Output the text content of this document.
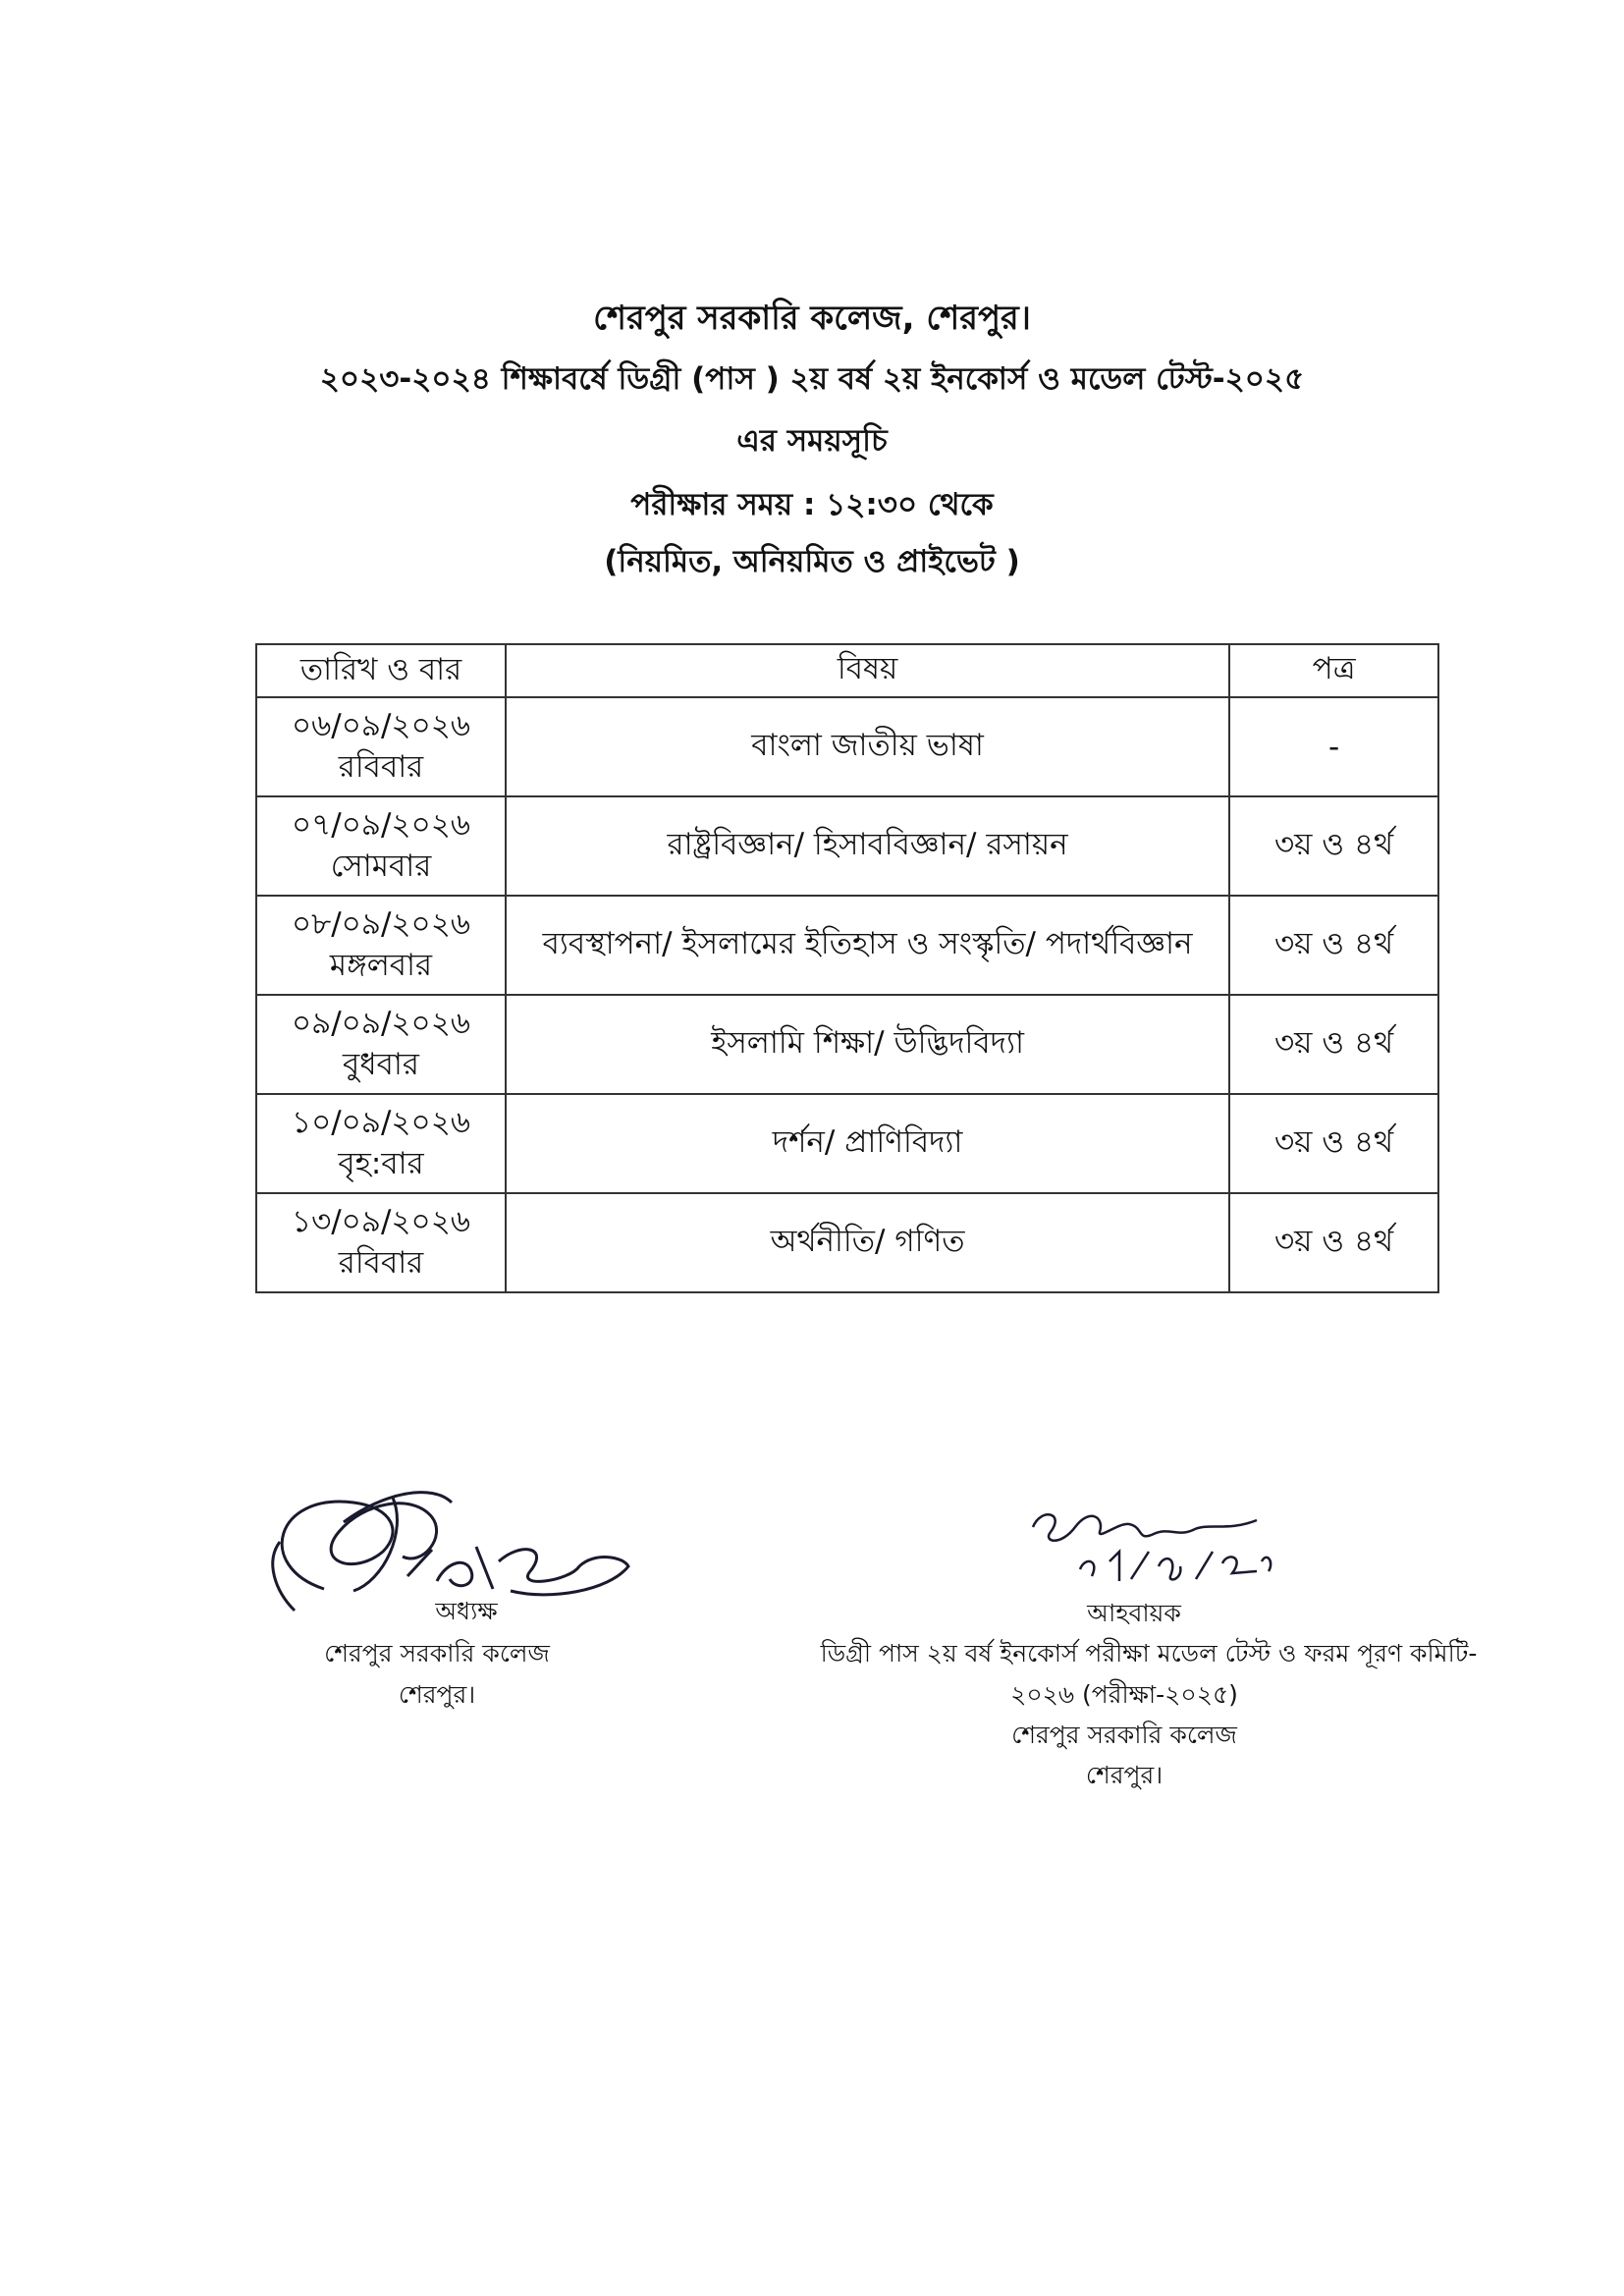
শেরপুর সরকারি কলেজ, শেরপুর।
২০২৩-২০২৪ শিক্ষাবর্ষে ডিগ্রী (পাস ) ২য় বর্ষ ২য় ইনকোর্স ও মডেল টেস্ট-২০২৫
এর সময়সূচি
পরীক্ষার সময় : ১২:৩০ থেকে
(নিয়মিত, অনিয়মিত ও প্রাইভেট )
তারিখ ও বার	বিষয়	পত্র

০৬/০৯/২০২৬
রবিবার	বাংলা জাতীয় ভাষা	-

০৭/০৯/২০২৬
সোমবার	রাষ্ট্রবিজ্ঞান/ হিসাববিজ্ঞান/ রসায়ন	৩য় ও ৪র্থ

০৮/০৯/২০২৬
মঙ্গলবার	ব্যবস্থাপনা/ ইসলামের ইতিহাস ও সংস্কৃতি/ পদার্থবিজ্ঞান	৩য় ও ৪র্থ

০৯/০৯/২০২৬
বুধবার	ইসলামি শিক্ষা/ উদ্ভিদবিদ্যা	৩য় ও ৪র্থ

১০/০৯/২০২৬
বৃহ:বার	দর্শন/ প্রাণিবিদ্যা	৩য় ও ৪র্থ

১৩/০৯/২০২৬
রবিবার	অর্থনীতি/ গণিত	৩য় ও ৪র্থ
অধ্যক্ষ
শেরপুর সরকারি কলেজ
শেরপুর।
আহবায়ক
ডিগ্রী পাস ২য় বর্ষ ইনকোর্স পরীক্ষা মডেল টেস্ট ও ফরম পূরণ কমিটি-
২০২৬ (পরীক্ষা-২০২৫)
শেরপুর সরকারি কলেজ
শেরপুর।
